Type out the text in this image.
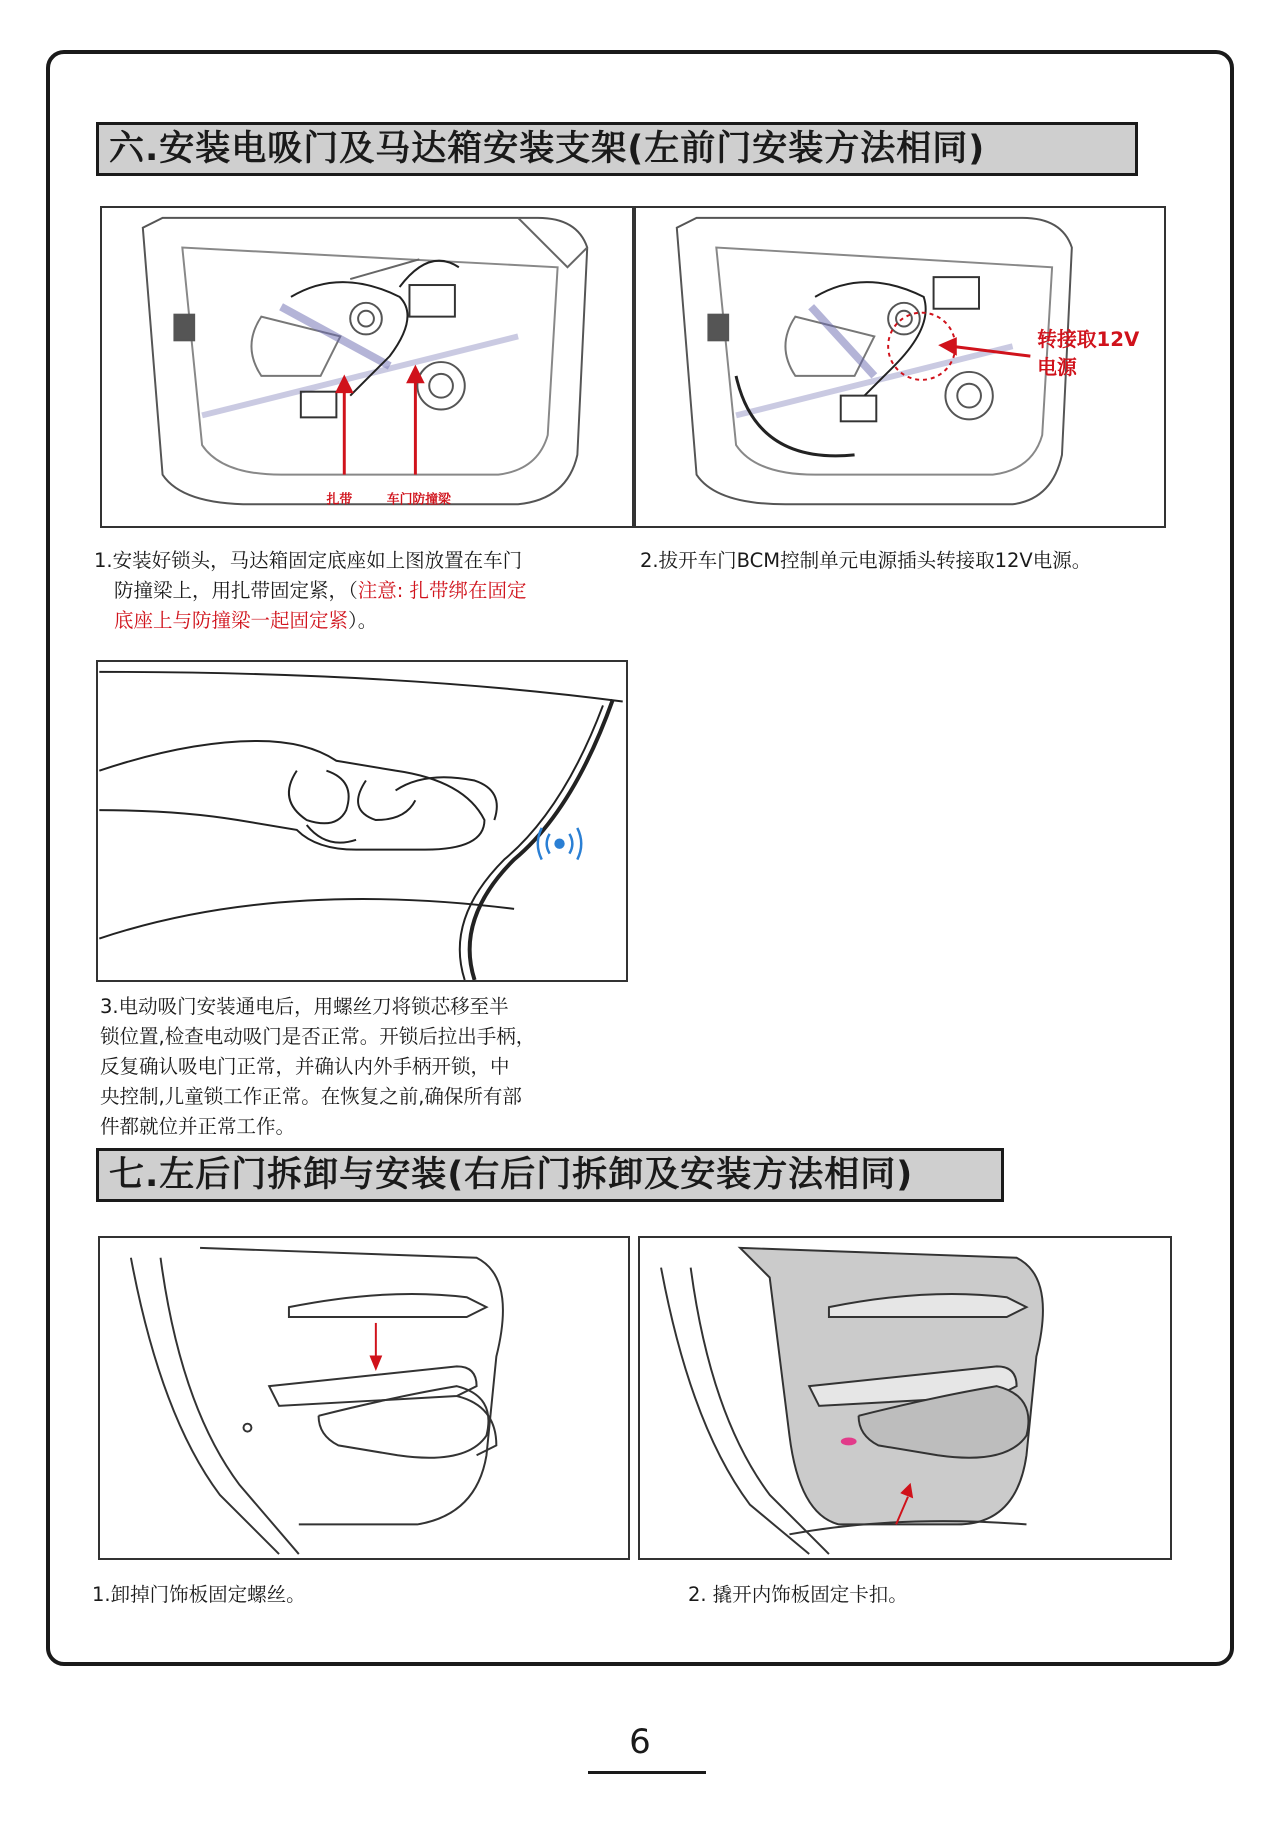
六.安装电吸门及马达箱安装支架(左前门安装方法相同)
扎带	车门防撞梁
转接取12V
电源
1.安装好锁头，马达箱固定底座如上图放置在车门
防撞梁上，用扎带固定紧，（注意: 扎带绑在固定
底座上与防撞梁一起固定紧）。
2.拔开车门BCM控制单元电源插头转接取12V电源。
3.电动吸门安装通电后，用螺丝刀将锁芯移至半
锁位置,检查电动吸门是否正常。开锁后拉出手柄，
反复确认吸电门正常，并确认内外手柄开锁，中
央控制,儿童锁工作正常。在恢复之前,确保所有部
件都就位并正常工作。
七.左后门拆卸与安装(右后门拆卸及安装方法相同)
1.卸掉门饰板固定螺丝。	2. 撬开内饰板固定卡扣。
6
